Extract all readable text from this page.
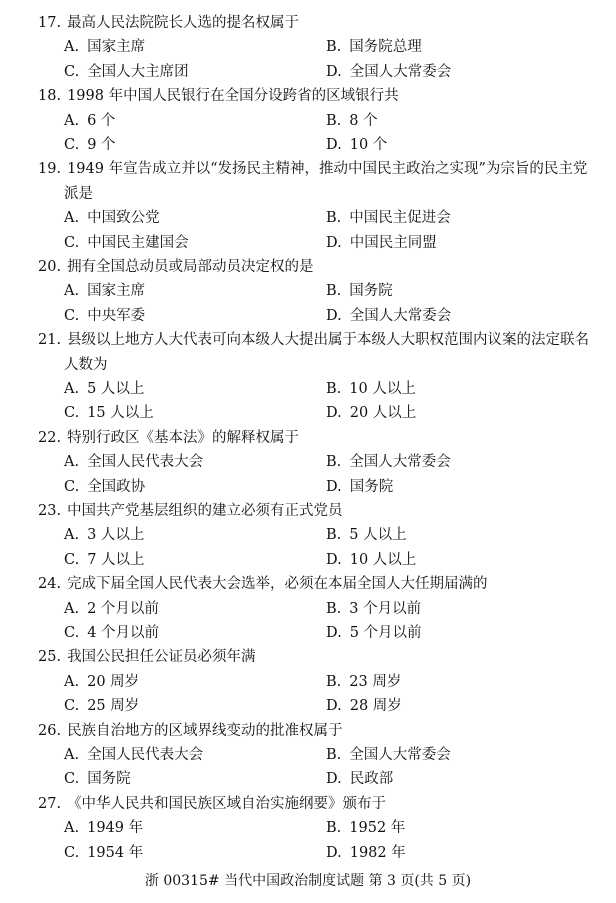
17. 最高人民法院院长人选的提名权属于
A. 国家主席	B. 国务院总理
C. 全国人大主席团	D. 全国人大常委会
18. 1998 年中国人民银行在全国分设跨省的区域银行共
A. 6 个	B. 8 个
C. 9 个	D. 10 个
19. 1949 年宣告成立并以“发扬民主精神，推动中国民主政治之实现”为宗旨的民主党
派是
A. 中国致公党	B. 中国民主促进会
C. 中国民主建国会	D. 中国民主同盟
20. 拥有全国总动员或局部动员决定权的是
A. 国家主席	B. 国务院
C. 中央军委	D. 全国人大常委会
21. 县级以上地方人大代表可向本级人大提出属于本级人大职权范围内议案的法定联名
人数为
A. 5 人以上	B. 10 人以上
C. 15 人以上	D. 20 人以上
22. 特别行政区《基本法》的解释权属于
A. 全国人民代表大会	B. 全国人大常委会
C. 全国政协	D. 国务院
23. 中国共产党基层组织的建立必须有正式党员
A. 3 人以上	B. 5 人以上
C. 7 人以上	D. 10 人以上
24. 完成下届全国人民代表大会选举，必须在本届全国人大任期届满的
A. 2 个月以前	B. 3 个月以前
C. 4 个月以前	D. 5 个月以前
25. 我国公民担任公证员必须年满
A. 20 周岁	B. 23 周岁
C. 25 周岁	D. 28 周岁
26. 民族自治地方的区域界线变动的批准权属于
A. 全国人民代表大会	B. 全国人大常委会
C. 国务院	D. 民政部
27. 《中华人民共和国民族区域自治实施纲要》颁布于
A. 1949 年	B. 1952 年
C. 1954 年	D. 1982 年
浙 00315# 当代中国政治制度试题 第 3 页(共 5 页)
